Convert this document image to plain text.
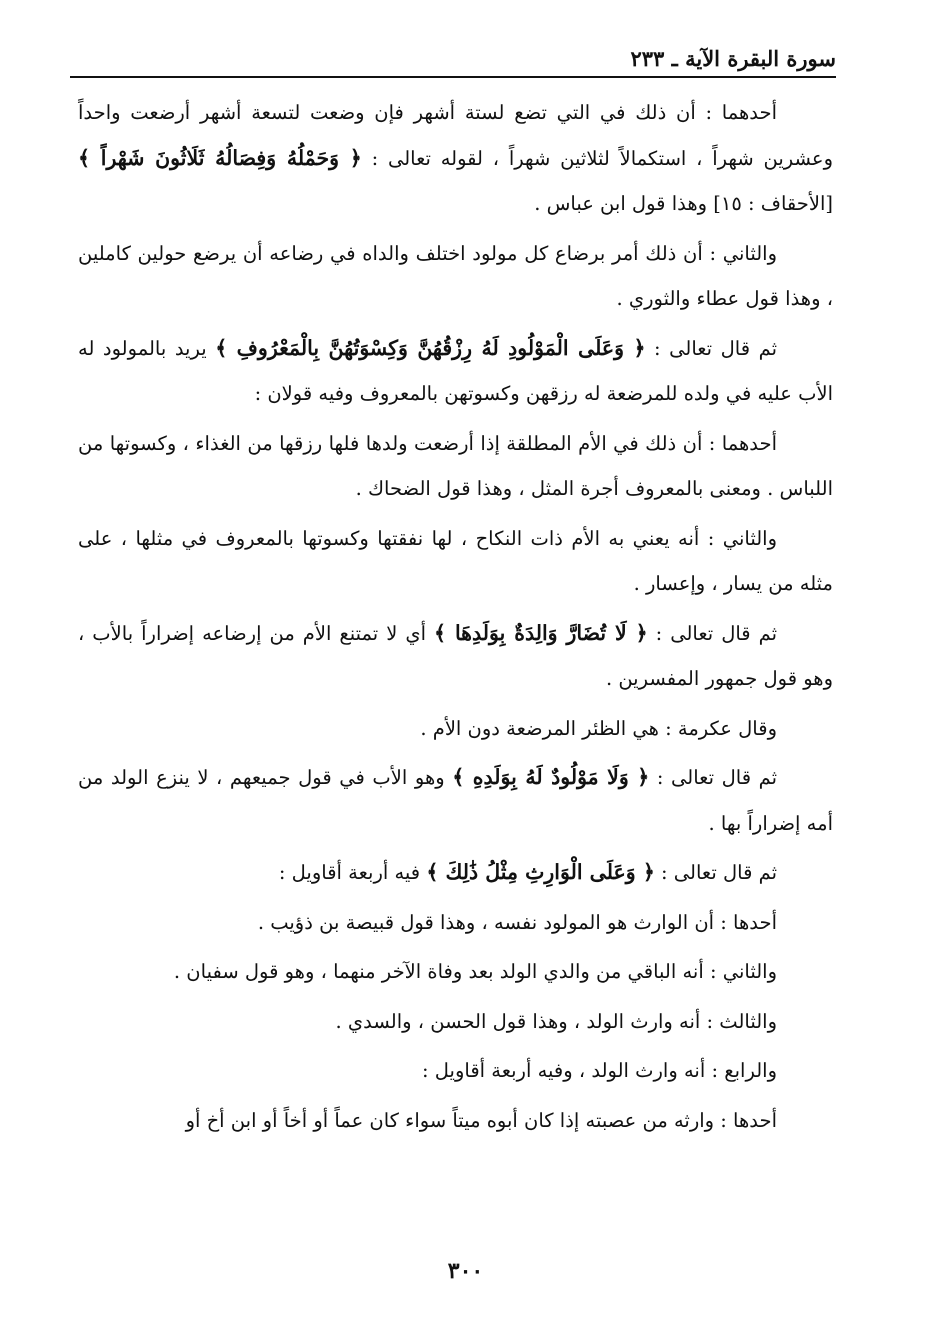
سورة البقرة الآية ـ ٢٣٣

أحدهما : أن ذلك في التي تضع لستة أشهر فإن وضعت لتسعة أشهر أرضعت واحداً وعشرين شهراً ، استكمالاً لثلاثين شهراً ، لقوله تعالى : ﴿ وَحَمْلُهُ وَفِصَالُهُ ثَلَاثُونَ شَهْراً ﴾ [الأحقاف : ١٥] وهذا قول ابن عباس .

والثاني : أن ذلك أمر برضاع كل مولود اختلف والداه في رضاعه أن يرضع حولين كاملين ، وهذا قول عطاء والثوري .

ثم قال تعالى : ﴿ وَعَلَى الْمَوْلُودِ لَهُ رِزْقُهُنَّ وَكِسْوَتُهُنَّ بِالْمَعْرُوفِ ﴾ يريد بالمولود له الأب عليه في ولده للمرضعة له رزقهن وكسوتهن بالمعروف وفيه قولان :

أحدهما : أن ذلك في الأم المطلقة إذا أرضعت ولدها فلها رزقها من الغذاء ، وكسوتها من اللباس . ومعنى بالمعروف أجرة المثل ، وهذا قول الضحاك .

والثاني : أنه يعني به الأم ذات النكاح ، لها نفقتها وكسوتها بالمعروف في مثلها ، على مثله من يسار ، وإعسار .

ثم قال تعالى : ﴿ لَا تُضَارَّ وَالِدَةٌ بِوَلَدِهَا ﴾ أي لا تمتنع الأم من إرضاعه إضراراً بالأب ، وهو قول جمهور المفسرين .

وقال عكرمة : هي الظئر المرضعة دون الأم .

ثم قال تعالى : ﴿ وَلَا مَوْلُودٌ لَهُ بِوَلَدِهِ ﴾ وهو الأب في قول جميعهم ، لا ينزع الولد من أمه إضراراً بها .

ثم قال تعالى : ﴿ وَعَلَى الْوَارِثِ مِثْلُ ذَٰلِكَ ﴾ فيه أربعة أقاويل :

أحدها : أن الوارث هو المولود نفسه ، وهذا قول قبيصة بن ذؤيب .

والثاني : أنه الباقي من والدي الولد بعد وفاة الآخر منهما ، وهو قول سفيان .

والثالث : أنه وارث الولد ، وهذا قول الحسن ، والسدي .

والرابع : أنه وارث الولد ، وفيه أربعة أقاويل :

أحدها : وارثه من عصبته إذا كان أبوه ميتاً سواء كان عماً أو أخاً أو ابن أخ أو

٣٠٠
